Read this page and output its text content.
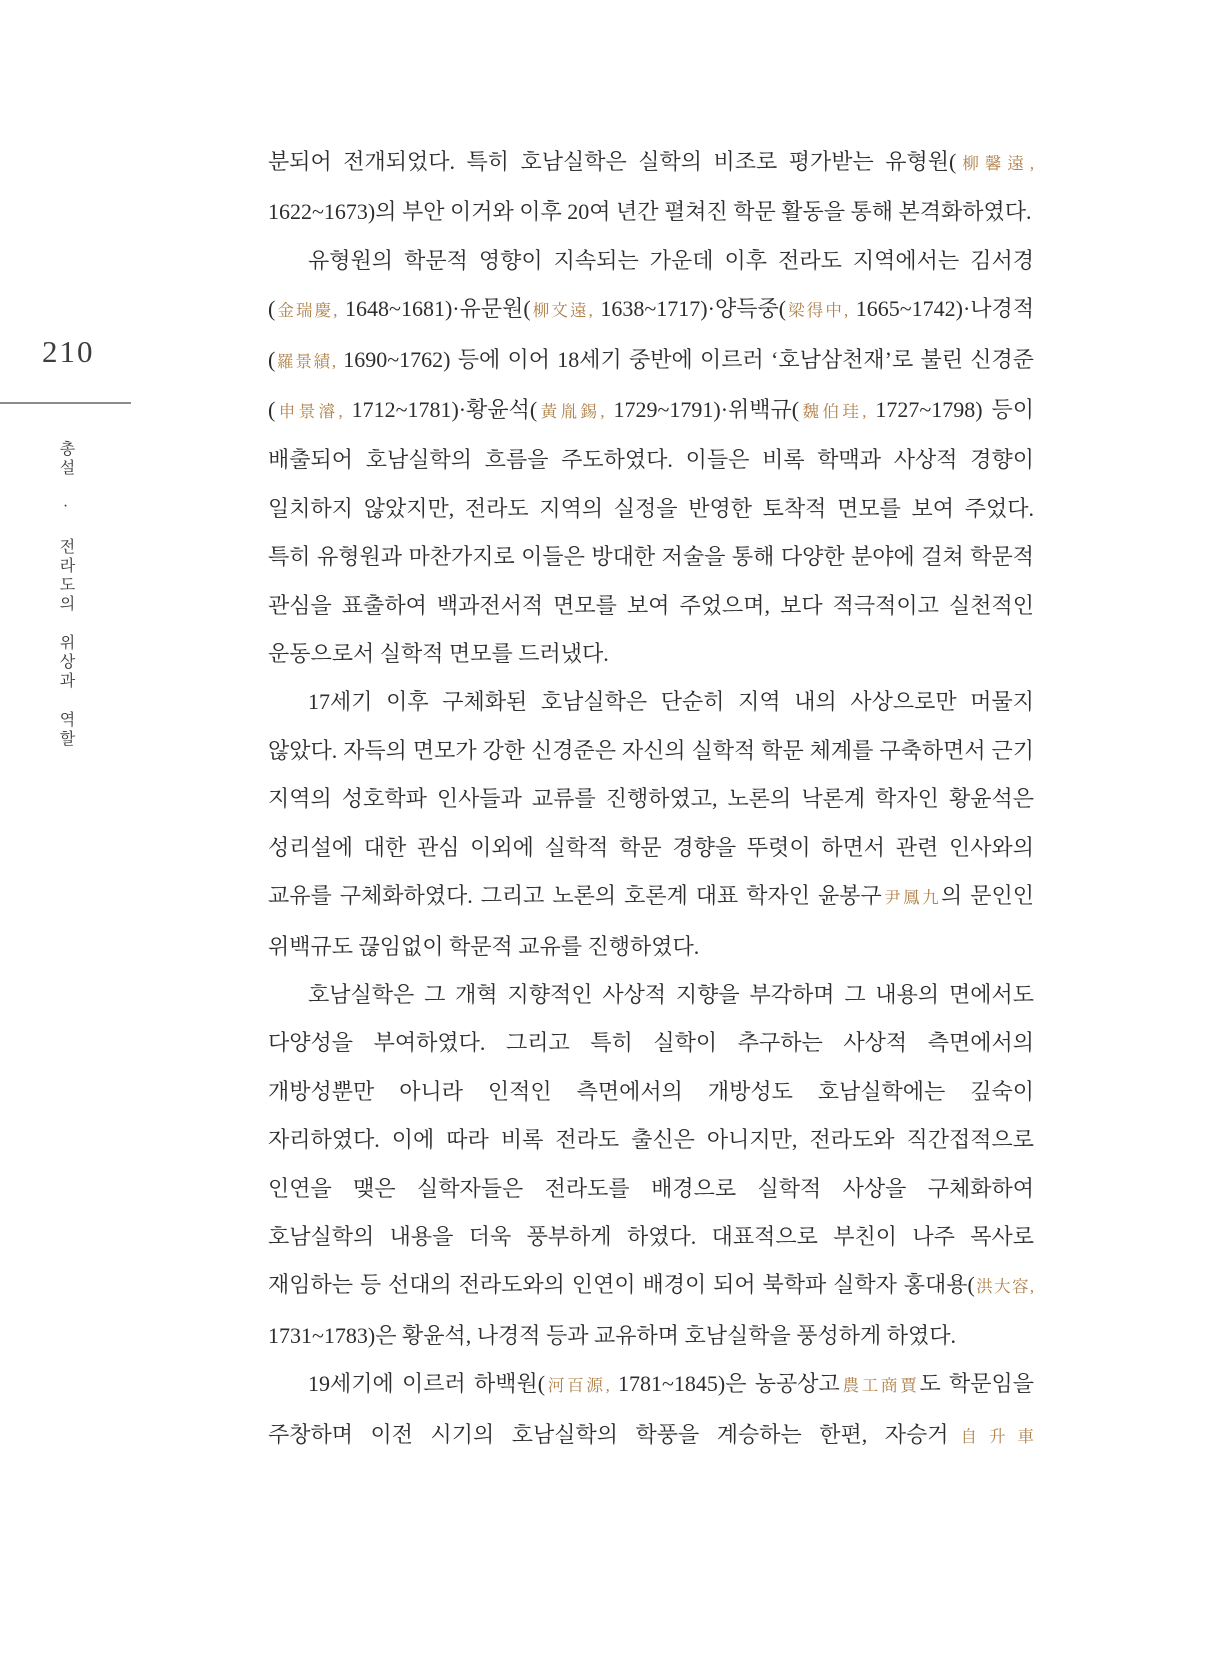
210
총설 · 전라도의 위상과 역할

분되어 전개되었다. 특히 호남실학은 실학의 비조로 평가받는 유형원(柳馨遠, 1622~1673)의 부안 이거와 이후 20여 년간 펼쳐진 학문 활동을 통해 본격화하였다.

유형원의 학문적 영향이 지속되는 가운데 이후 전라도 지역에서는 김서경(金瑞慶, 1648~1681)·유문원(柳文遠, 1638~1717)·양득중(梁得中, 1665~1742)·나경적(羅景績, 1690~1762) 등에 이어 18세기 중반에 이르러 ‘호남삼천재’로 불린 신경준(申景濬, 1712~1781)·황윤석(黃胤錫, 1729~1791)·위백규(魏伯珪, 1727~1798) 등이 배출되어 호남실학의 흐름을 주도하였다. 이들은 비록 학맥과 사상적 경향이 일치하지 않았지만, 전라도 지역의 실정을 반영한 토착적 면모를 보여 주었다. 특히 유형원과 마찬가지로 이들은 방대한 저술을 통해 다양한 분야에 걸쳐 학문적 관심을 표출하여 백과전서적 면모를 보여 주었으며, 보다 적극적이고 실천적인 운동으로서 실학적 면모를 드러냈다.

17세기 이후 구체화된 호남실학은 단순히 지역 내의 사상으로만 머물지 않았다. 자득의 면모가 강한 신경준은 자신의 실학적 학문 체계를 구축하면서 근기 지역의 성호학파 인사들과 교류를 진행하였고, 노론의 낙론계 학자인 황윤석은 성리설에 대한 관심 이외에 실학적 학문 경향을 뚜렷이 하면서 관련 인사와의 교유를 구체화하였다. 그리고 노론의 호론계 대표 학자인 윤봉구尹鳳九의 문인인 위백규도 끊임없이 학문적 교유를 진행하였다.

호남실학은 그 개혁 지향적인 사상적 지향을 부각하며 그 내용의 면에서도 다양성을 부여하였다. 그리고 특히 실학이 추구하는 사상적 측면에서의 개방성뿐만 아니라 인적인 측면에서의 개방성도 호남실학에는 깊숙이 자리하였다. 이에 따라 비록 전라도 출신은 아니지만, 전라도와 직간접적으로 인연을 맺은 실학자들은 전라도를 배경으로 실학적 사상을 구체화하여 호남실학의 내용을 더욱 풍부하게 하였다. 대표적으로 부친이 나주 목사로 재임하는 등 선대의 전라도와의 인연이 배경이 되어 북학파 실학자 홍대용(洪大容, 1731~1783)은 황윤석, 나경적 등과 교유하며 호남실학을 풍성하게 하였다.

19세기에 이르러 하백원(河百源, 1781~1845)은 농공상고農工商賈도 학문임을 주창하며 이전 시기의 호남실학의 학풍을 계승하는 한편, 자승거自升車
